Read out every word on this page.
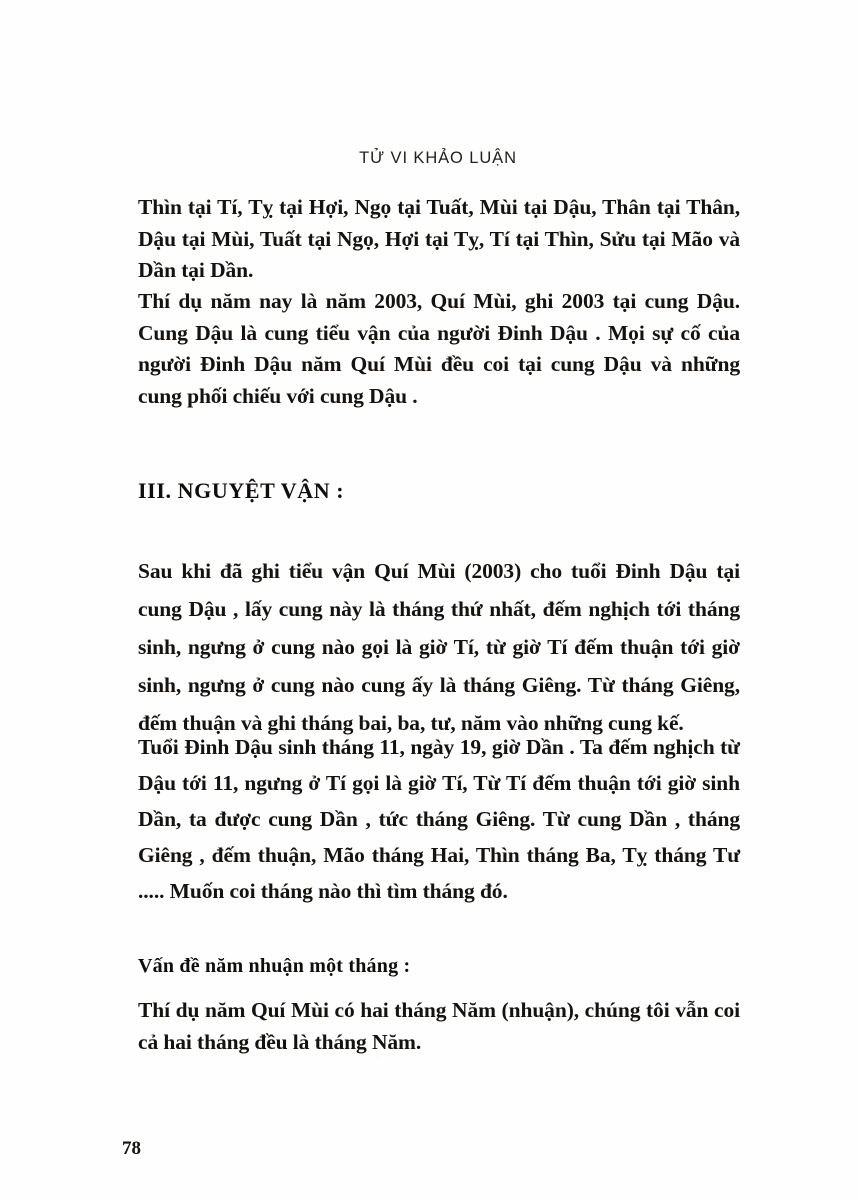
TỬ VI KHẢO LUẬN

Thìn tại Tí, Tỵ tại Hợi, Ngọ tại Tuất, Mùi tại Dậu, Thân tại Thân, Dậu tại Mùi, Tuất tại Ngọ, Hợi tại Tỵ, Tí tại Thìn, Sửu tại Mão và Dần tại Dần.

Thí dụ năm nay là năm 2003, Quí Mùi, ghi 2003 tại cung Dậu. Cung Dậu là cung tiểu vận của người Đinh Dậu . Mọi sự cố của người Đinh Dậu năm Quí Mùi đều coi tại cung Dậu và những cung phối chiếu với cung Dậu .

III. NGUYỆT VẬN :

Sau khi đã ghi tiểu vận Quí Mùi (2003) cho tuổi Đinh Dậu tại cung Dậu , lấy cung này là tháng thứ nhất, đếm nghịch tới tháng sinh, ngưng ở cung nào gọi là giờ Tí, từ giờ Tí đếm thuận tới giờ sinh, ngưng ở cung nào cung ấy là tháng Giêng. Từ tháng Giêng, đếm thuận và ghi tháng bai, ba, tư, năm vào những cung kế.

Tuổi Đinh Dậu sinh tháng 11, ngày 19, giờ Dần . Ta đếm nghịch từ Dậu tới 11, ngưng ở Tí gọi là giờ Tí, Từ Tí đếm thuận tới giờ sinh Dần, ta được cung Dần , tức tháng Giêng. Từ cung Dần , tháng Giêng , đếm thuận, Mão tháng Hai, Thìn tháng Ba, Tỵ tháng Tư ..... Muốn coi tháng nào thì tìm tháng đó.

Vấn đề năm nhuận một tháng :

Thí dụ năm Quí Mùi có hai tháng Năm (nhuận), chúng tôi vẫn coi cả hai tháng đều là tháng Năm.

78
